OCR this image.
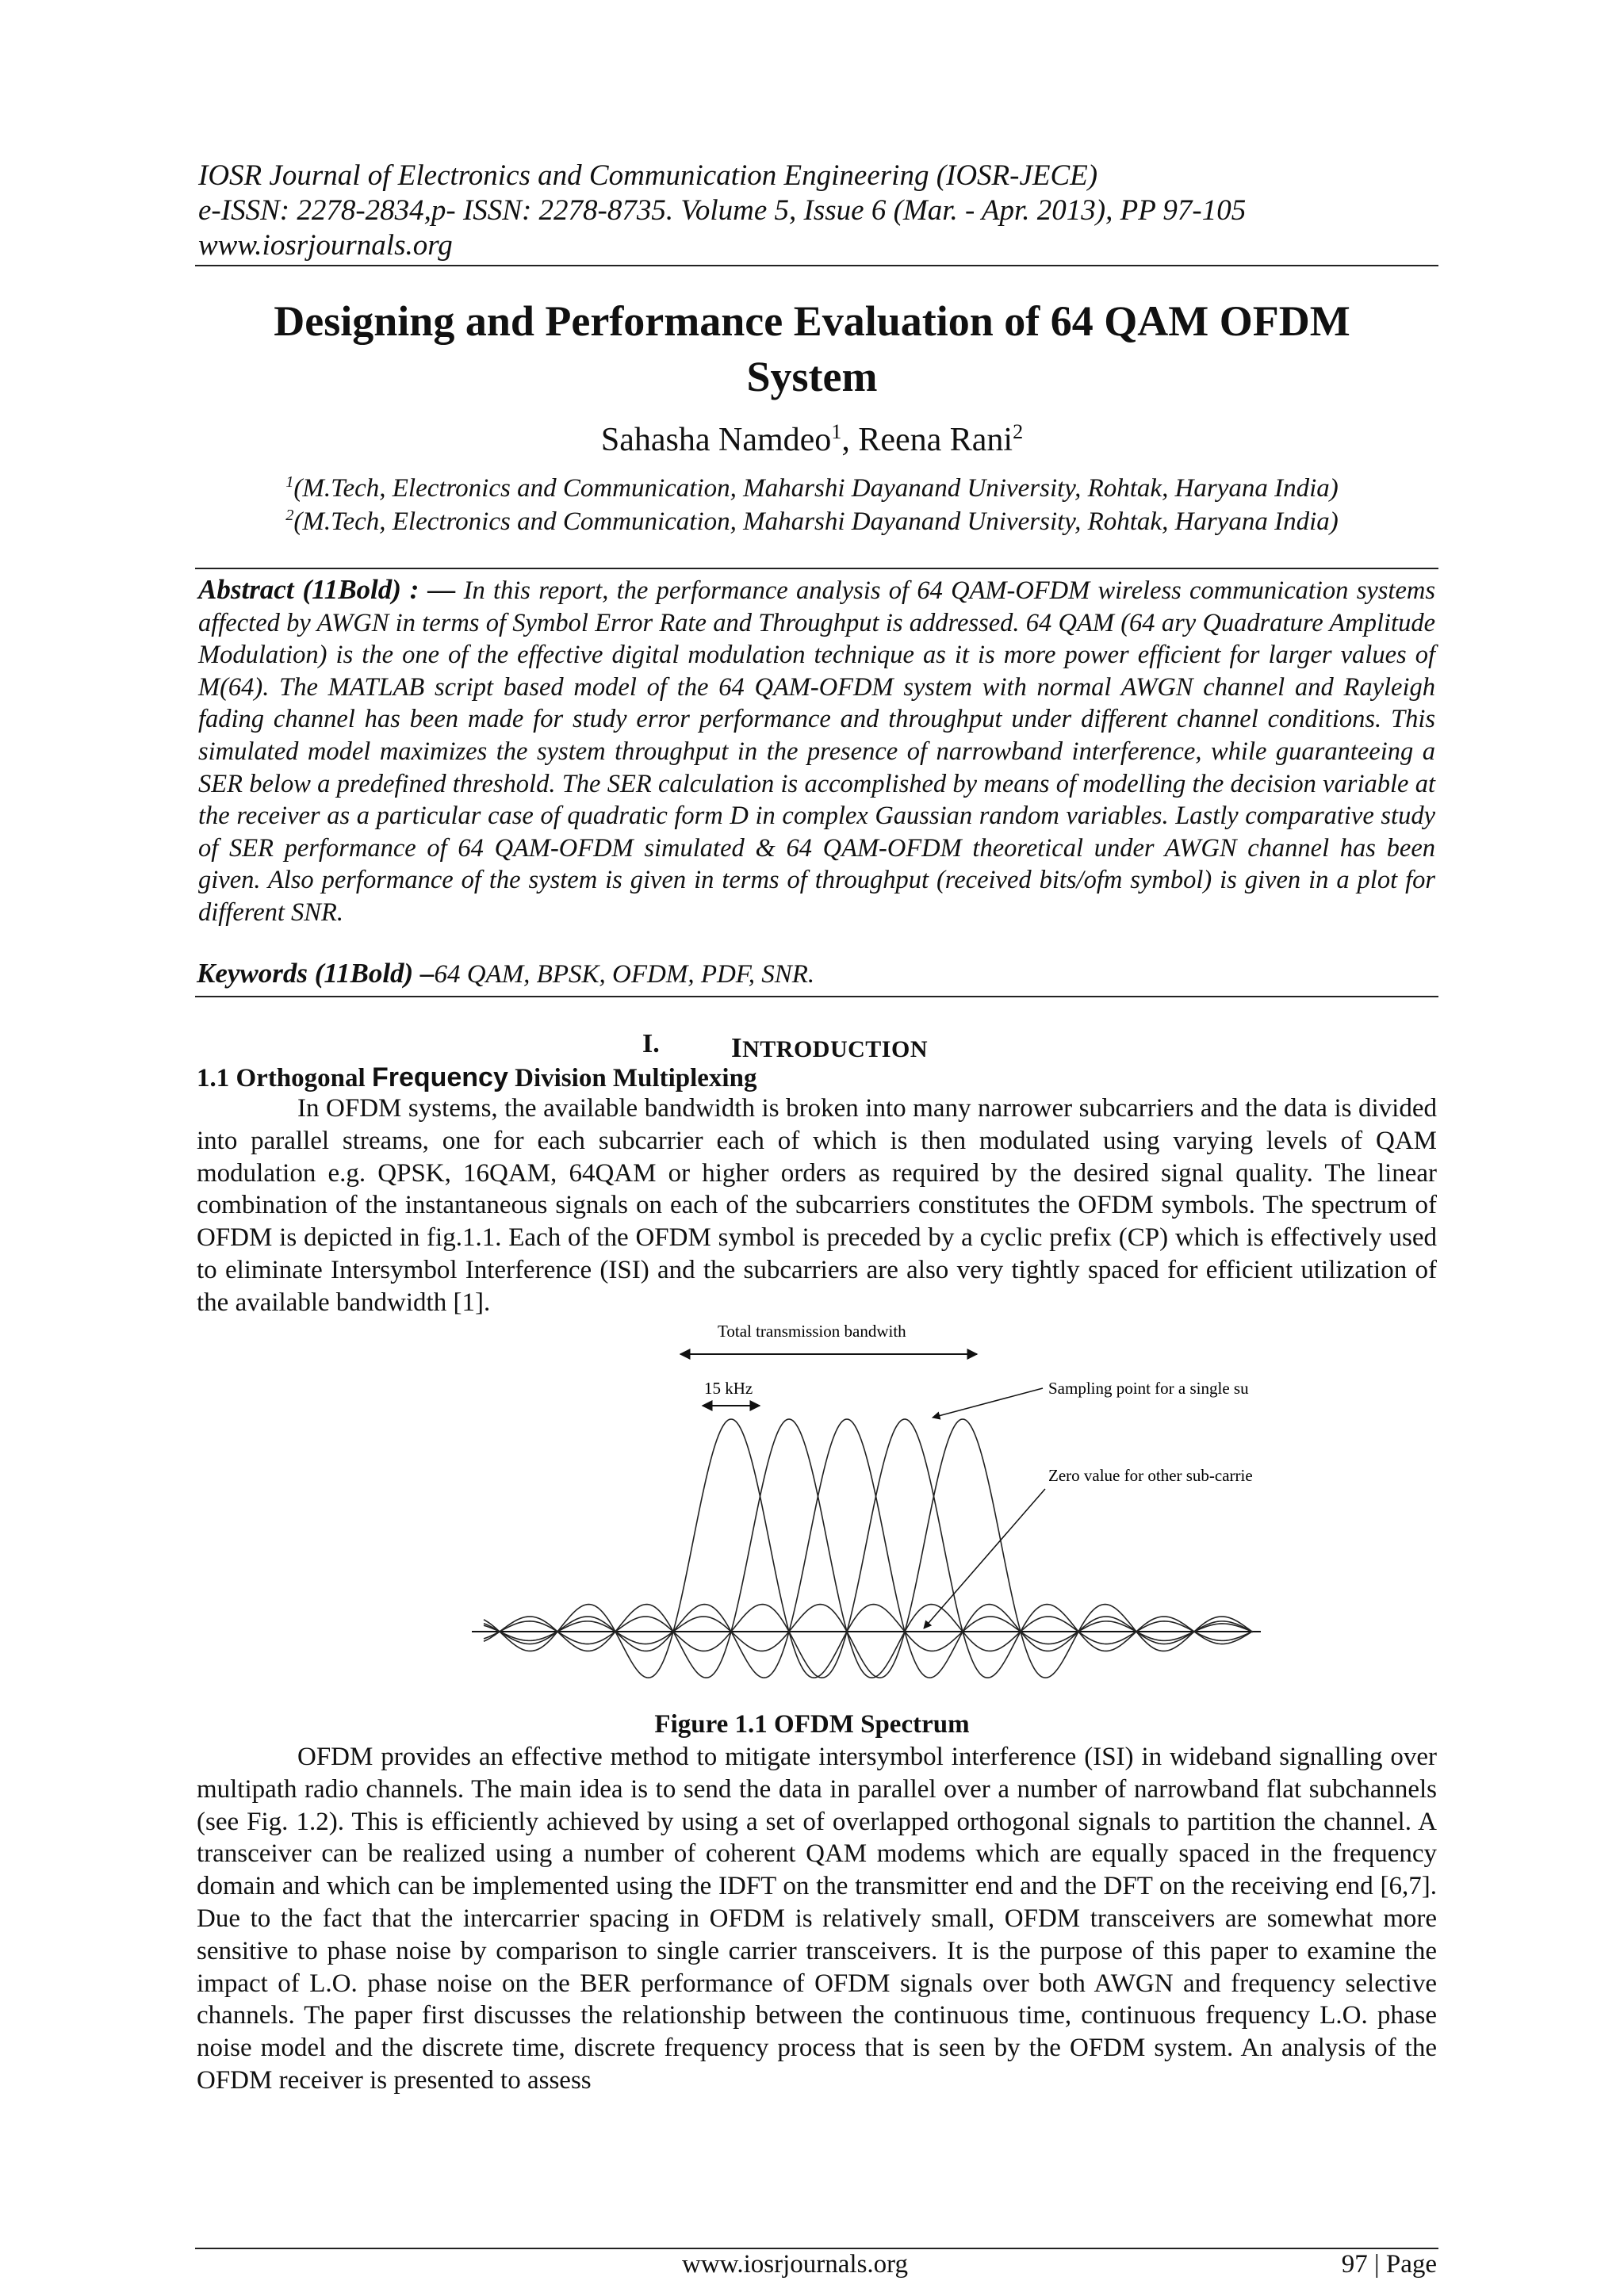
IOSR Journal of Electronics and Communication Engineering (IOSR-JECE)
e-ISSN: 2278-2834,p- ISSN: 2278-8735. Volume 5, Issue 6 (Mar. - Apr. 2013), PP 97-105
www.iosrjournals.org
Designing and Performance Evaluation of 64 QAM OFDM
System
Sahasha Namdeo$^1$, Reena Rani$^2$
$^1$(M.Tech, Electronics and Communication, Maharshi Dayanand University, Rohtak, Haryana India)
$^2$(M.Tech, Electronics and Communication, Maharshi Dayanand University, Rohtak, Haryana India)
Abstract (11Bold) : — In this report, the performance analysis of 64 QAM-OFDM wireless communication systems affected by AWGN in terms of Symbol Error Rate and Throughput is addressed. 64 QAM (64 ary Quadrature Amplitude Modulation) is the one of the effective digital modulation technique as it is more power efficient for larger values of M(64). The MATLAB script based model of the 64 QAM-OFDM system with normal AWGN channel and Rayleigh fading channel has been made for study error performance and throughput under different channel conditions. This simulated model maximizes the system throughput in the presence of narrowband interference, while guaranteeing a SER below a predefined threshold. The SER calculation is accomplished by means of modelling the decision variable at the receiver as a particular case of quadratic form D in complex Gaussian random variables. Lastly comparative study of SER performance of 64 QAM-OFDM simulated & 64 QAM-OFDM theoretical under AWGN channel has been given. Also performance of the system is given in terms of throughput (received bits/ofm symbol) is given in a plot for different SNR.
Keywords (11Bold) –64 QAM, BPSK, OFDM, PDF, SNR.
I.	INTRODUCTION
1.1 Orthogonal Frequency Division Multiplexing
In OFDM systems, the available bandwidth is broken into many narrower subcarriers and the data is divided into parallel streams, one for each subcarrier each of which is then modulated using varying levels of QAM modulation e.g. QPSK, 16QAM, 64QAM or higher orders as required by the desired signal quality. The linear combination of the instantaneous signals on each of the subcarriers constitutes the OFDM symbols. The spectrum of OFDM is depicted in fig.1.1. Each of the OFDM symbol is preceded by a cyclic prefix (CP) which is effectively used to eliminate Intersymbol Interference (ISI) and the subcarriers are also very tightly spaced for efficient utilization of the available bandwidth [1].
Total transmission bandwith
15 kHz	Sampling point for a single su
Zero value for other sub-carrie
Figure 1.1 OFDM Spectrum
OFDM provides an effective method to mitigate intersymbol interference (ISI) in wideband signalling over multipath radio channels. The main idea is to send the data in parallel over a number of narrowband flat subchannels (see Fig. 1.2). This is efficiently achieved by using a set of overlapped orthogonal signals to partition the channel. A transceiver can be realized using a number of coherent QAM modems which are equally spaced in the frequency domain and which can be implemented using the IDFT on the transmitter end and the DFT on the receiving end [6,7]. Due to the fact that the intercarrier spacing in OFDM is relatively small, OFDM transceivers are somewhat more sensitive to phase noise by comparison to single carrier transceivers. It is the purpose of this paper to examine the impact of L.O. phase noise on the BER performance of OFDM signals over both AWGN and frequency selective channels. The paper first discusses the relationship between the continuous time, continuous frequency L.O. phase noise model and the discrete time, discrete frequency process that is seen by the OFDM system. An analysis of the OFDM receiver is presented to assess
www.iosrjournals.org	97 | Page
